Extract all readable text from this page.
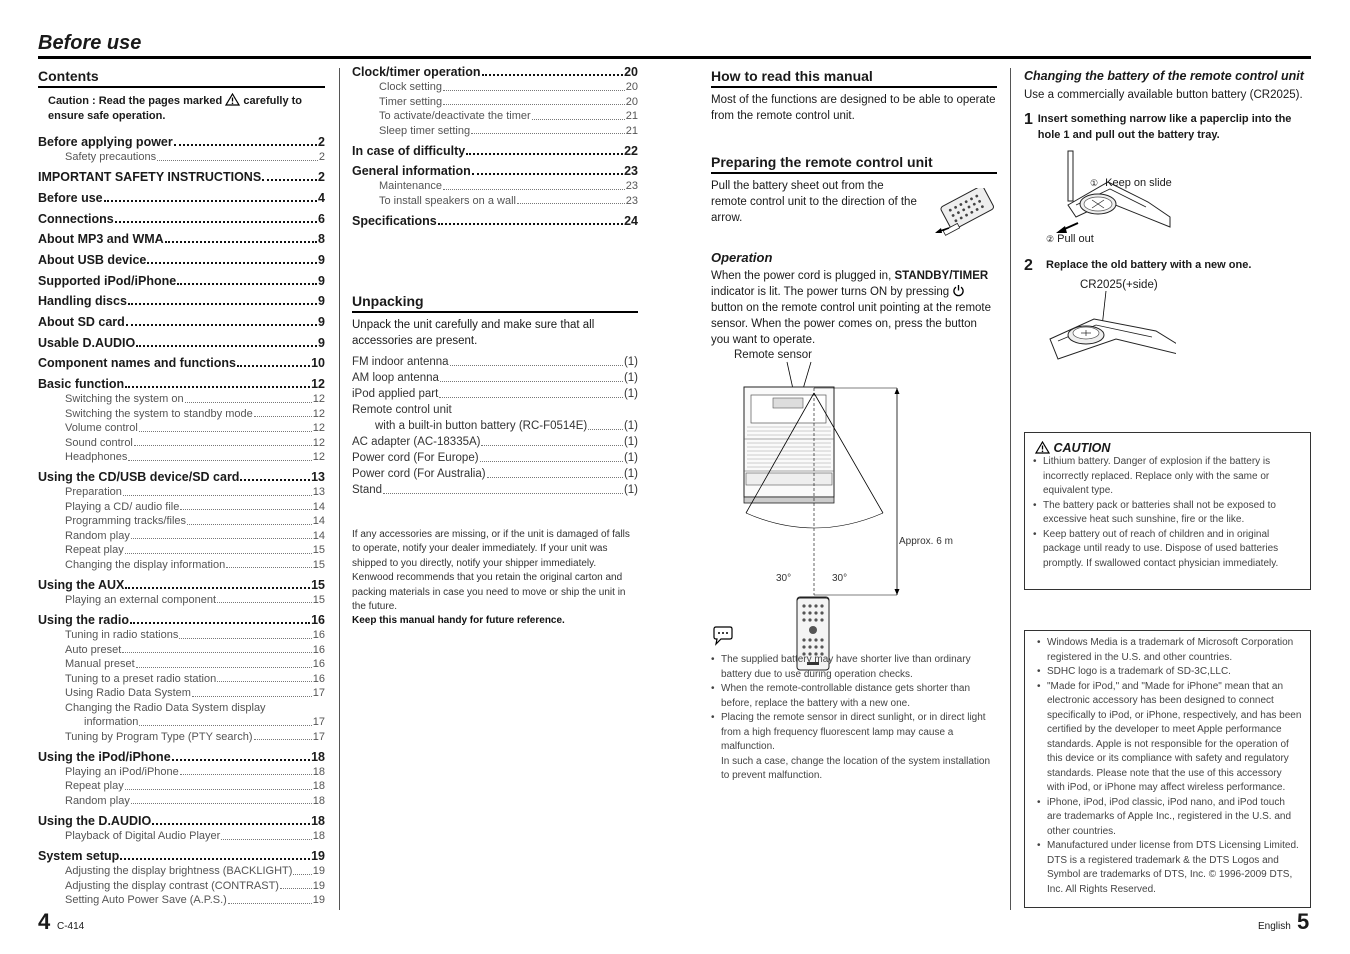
Before use
Contents
Caution : Read the pages marked carefully to
ensure safe operation.
Before applying power	2
Safety precautions	2
IMPORTANT SAFETY INSTRUCTIONS	2
Before use	4
Connections	6
About MP3 and WMA	8
About USB device	9
Supported iPod/iPhone	9
Handling discs	9
About SD card	9
Usable D.AUDIO	9
Component names and functions	10
Basic function	12
Switching the system on	12
Switching the system to standby mode	12
Volume control	12
Sound control	12
Headphones	12
Using the CD/USB device/SD card	13
Preparation	13
Playing a CD/ audio file	14
Programming tracks/files	14
Random play	14
Repeat play	15
Changing the display information	15
Using the AUX	15
Playing an external component	15
Using the radio	16
Tuning in radio stations	16
Auto preset	16
Manual preset	16
Tuning to a preset radio station	16
Using Radio Data System	17
Changing the Radio Data System display
information	17
Tuning by Program Type (PTY search)	17
Using the iPod/iPhone	18
Playing an iPod/iPhone	18
Repeat play	18
Random play	18
Using the D.AUDIO	18
Playback of Digital Audio Player	18
System setup	19
Adjusting the display brightness (BACKLIGHT) 19
Adjusting the display contrast (CONTRAST)	19
Setting Auto Power Save (A.P.S.)	19
Clock/timer operation	20
Clock setting	20
Timer setting	20
To activate/deactivate the timer	21
Sleep timer setting	21
In case of difficulty	22
General information	23
Maintenance	23
To install speakers on a wall	23
Specifications	24
Unpacking
Unpack the unit carefully and make sure that all accessories are present.
FM indoor antenna	(1)
AM loop antenna	(1)
iPod applied part	(1)
Remote control unit
with a built-in button battery (RC-F0514E)	(1)
AC adapter (AC-18335A)	(1)
Power cord (For Europe)	(1)
Power cord (For Australia)	(1)
Stand	(1)
If any accessories are missing, or if the unit is damaged of falls to operate, notify your dealer immediately. If your unit was shipped to you directly, notify your shipper immediately. Kenwood recommends that you retain the original carton and packing materials in case you need to move or ship the unit in the future.
Keep this manual handy for future reference.
How to read this manual
Most of the functions are designed to be able to operate from the remote control unit.
Preparing the remote control unit
Pull the battery sheet out from the remote control unit to the direction of the arrow.
Operation
When the power cord is plugged in, STANDBY/TIMER indicator is lit. The power turns ON by pressing  button on the remote control unit pointing at the remote sensor. When the power comes on, press the button you want to operate.
Remote sensor
Approx. 6 m
30°	30°
• The supplied battery may have shorter live than ordinary battery due to use during operation checks.
• When the remote-controllable distance gets shorter than before, replace the battery with a new one.
• Placing the remote sensor in direct sunlight, or in direct light from a high frequency fluorescent lamp may cause a malfunction.
In such a case, change the location of the system installation to prevent malfunction.
Changing the battery of the remote control unit
Use a commercially available button battery (CR2025).
1 Insert something narrow like a paperclip into the hole 1 and pull out the battery tray.
① Keep on slide
② Pull out
2	Replace the old battery with a new one.
CR2025(+side)
CAUTION
• Lithium battery. Danger of explosion if the battery is incorrectly replaced. Replace only with the same or equivalent type.
• The battery pack or batteries shall not be exposed to excessive heat such sunshine, fire or the like.
• Keep battery out of reach of children and in original package until ready to use. Dispose of used batteries promptly. If swallowed contact physician immediately.
• Windows Media is a trademark of Microsoft Corporation registered in the U.S. and other countries.
• SDHC logo is a trademark of SD-3C,LLC.
• "Made for iPod," and "Made for iPhone" mean that an electronic accessory has been designed to connect specifically to iPod, or iPhone, respectively, and has been certified by the developer to meet Apple performance standards. Apple is not responsible for the operation of this device or its compliance with safety and regulatory standards. Please note that the use of this accessory with iPod, or iPhone may affect wireless performance.
• iPhone, iPod, iPod classic, iPod nano, and iPod touch are trademarks of Apple Inc., registered in the U.S. and other countries.
• Manufactured under license from DTS Licensing Limited. DTS is a registered trademark & the DTS Logos and Symbol are trademarks of DTS, Inc. © 1996-2009 DTS, Inc. All Rights Reserved.
4 C-414	English 5
